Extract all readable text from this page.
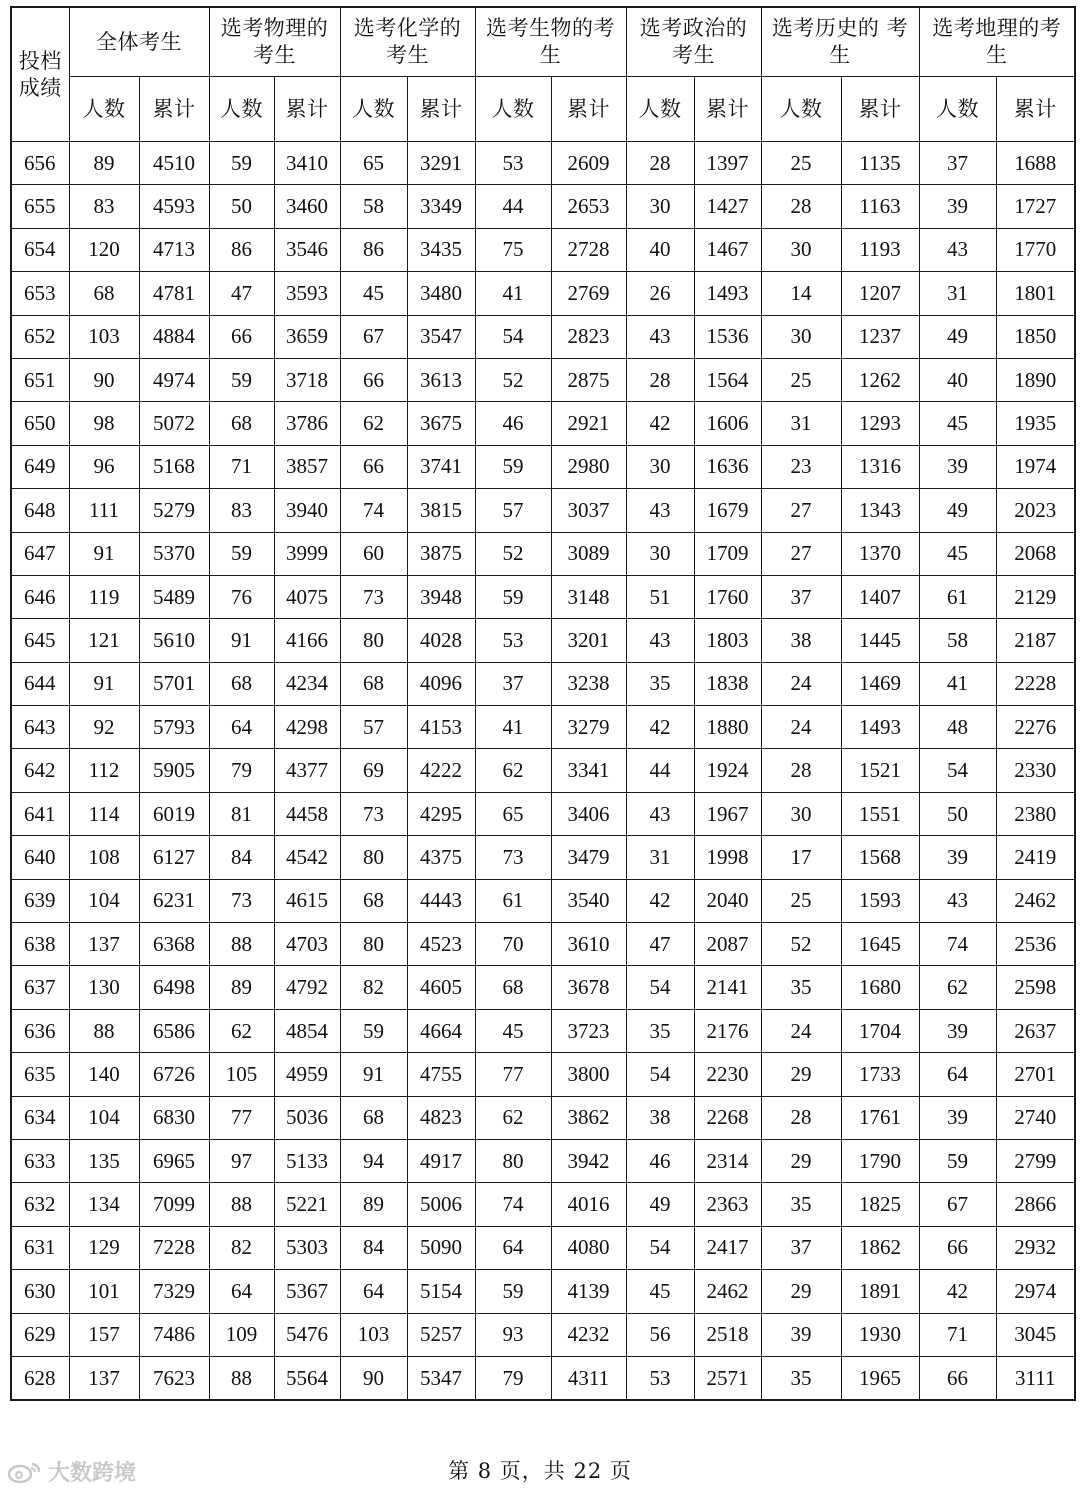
投档成绩	全体考生		选考物理的考生		选考化学的考生		选考生物的考生		选考政治的考生		选考历史的 考生		选考地理的考生	
	人数	累计	人数	累计	人数	累计	人数	累计	人数	累计	人数	累计	人数	累计
656	89	4510	59	3410	65	3291	53	2609	28	1397	25	1135	37	1688
655	83	4593	50	3460	58	3349	44	2653	30	1427	28	1163	39	1727
654	120	4713	86	3546	86	3435	75	2728	40	1467	30	1193	43	1770
653	68	4781	47	3593	45	3480	41	2769	26	1493	14	1207	31	1801
652	103	4884	66	3659	67	3547	54	2823	43	1536	30	1237	49	1850
651	90	4974	59	3718	66	3613	52	2875	28	1564	25	1262	40	1890
650	98	5072	68	3786	62	3675	46	2921	42	1606	31	1293	45	1935
649	96	5168	71	3857	66	3741	59	2980	30	1636	23	1316	39	1974
648	111	5279	83	3940	74	3815	57	3037	43	1679	27	1343	49	2023
647	91	5370	59	3999	60	3875	52	3089	30	1709	27	1370	45	2068
646	119	5489	76	4075	73	3948	59	3148	51	1760	37	1407	61	2129
645	121	5610	91	4166	80	4028	53	3201	43	1803	38	1445	58	2187
644	91	5701	68	4234	68	4096	37	3238	35	1838	24	1469	41	2228
643	92	5793	64	4298	57	4153	41	3279	42	1880	24	1493	48	2276
642	112	5905	79	4377	69	4222	62	3341	44	1924	28	1521	54	2330
641	114	6019	81	4458	73	4295	65	3406	43	1967	30	1551	50	2380
640	108	6127	84	4542	80	4375	73	3479	31	1998	17	1568	39	2419
639	104	6231	73	4615	68	4443	61	3540	42	2040	25	1593	43	2462
638	137	6368	88	4703	80	4523	70	3610	47	2087	52	1645	74	2536
637	130	6498	89	4792	82	4605	68	3678	54	2141	35	1680	62	2598
636	88	6586	62	4854	59	4664	45	3723	35	2176	24	1704	39	2637
635	140	6726	105	4959	91	4755	77	3800	54	2230	29	1733	64	2701
634	104	6830	77	5036	68	4823	62	3862	38	2268	28	1761	39	2740
633	135	6965	97	5133	94	4917	80	3942	46	2314	29	1790	59	2799
632	134	7099	88	5221	89	5006	74	4016	49	2363	35	1825	67	2866
631	129	7228	82	5303	84	5090	64	4080	54	2417	37	1862	66	2932
630	101	7329	64	5367	64	5154	59	4139	45	2462	29	1891	42	2974
629	157	7486	109	5476	103	5257	93	4232	56	2518	39	1930	71	3045
628	137	7623	88	5564	90	5347	79	4311	53	2571	35	1965	66	3111
大数跨境	第 8 页，共 22 页
